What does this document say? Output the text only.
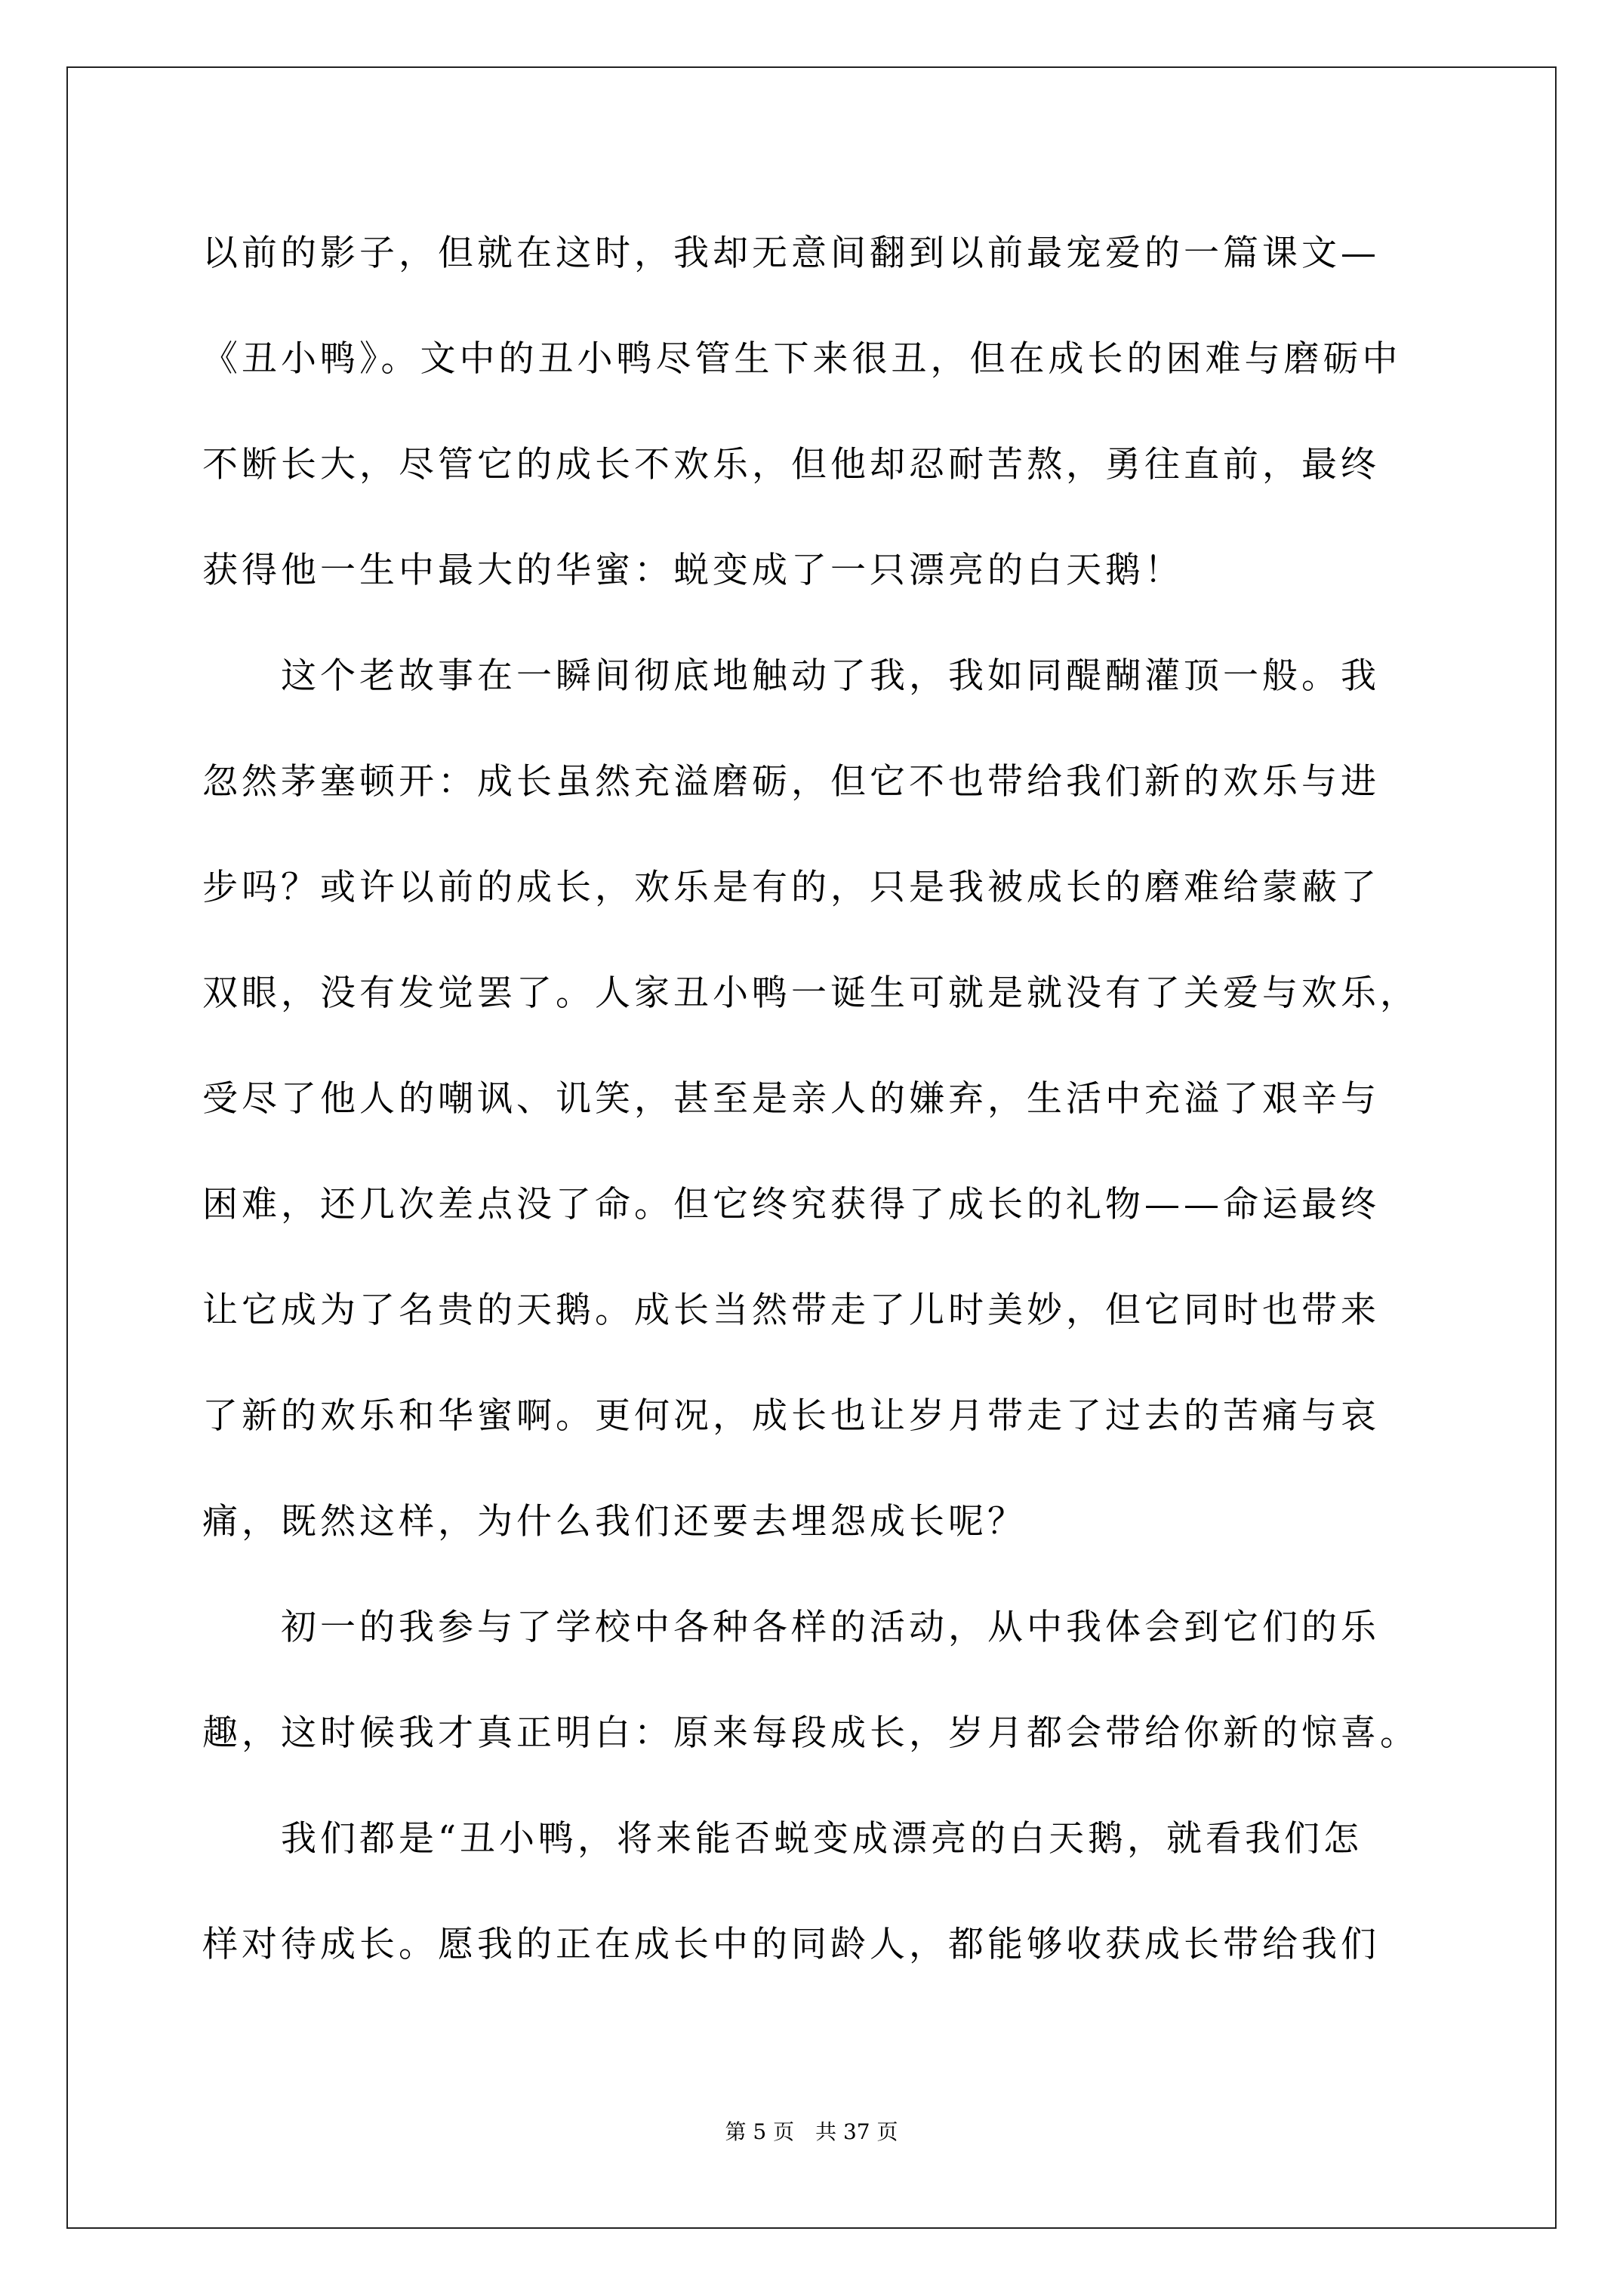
以前的影子，但就在这时，我却无意间翻到以前最宠爱的一篇课文—
《丑小鸭》。文中的丑小鸭尽管生下来很丑，但在成长的困难与磨砺中
不断长大，尽管它的成长不欢乐，但他却忍耐苦熬，勇往直前，最终
获得他一生中最大的华蜜：蜕变成了一只漂亮的白天鹅！
　　这个老故事在一瞬间彻底地触动了我，我如同醍醐灌顶一般。我
忽然茅塞顿开：成长虽然充溢磨砺，但它不也带给我们新的欢乐与进
步吗？或许以前的成长，欢乐是有的，只是我被成长的磨难给蒙蔽了
双眼，没有发觉罢了。人家丑小鸭一诞生可就是就没有了关爱与欢乐，
受尽了他人的嘲讽、讥笑，甚至是亲人的嫌弃，生活中充溢了艰辛与
困难，还几次差点没了命。但它终究获得了成长的礼物——命运最终
让它成为了名贵的天鹅。成长当然带走了儿时美妙，但它同时也带来
了新的欢乐和华蜜啊。更何况，成长也让岁月带走了过去的苦痛与哀
痛，既然这样，为什么我们还要去埋怨成长呢？
　　初一的我参与了学校中各种各样的活动，从中我体会到它们的乐
趣，这时候我才真正明白：原来每段成长，岁月都会带给你新的惊喜。
　　我们都是“丑小鸭，将来能否蜕变成漂亮的白天鹅，就看我们怎
样对待成长。愿我的正在成长中的同龄人，都能够收获成长带给我们
第 5 页　共 37 页
